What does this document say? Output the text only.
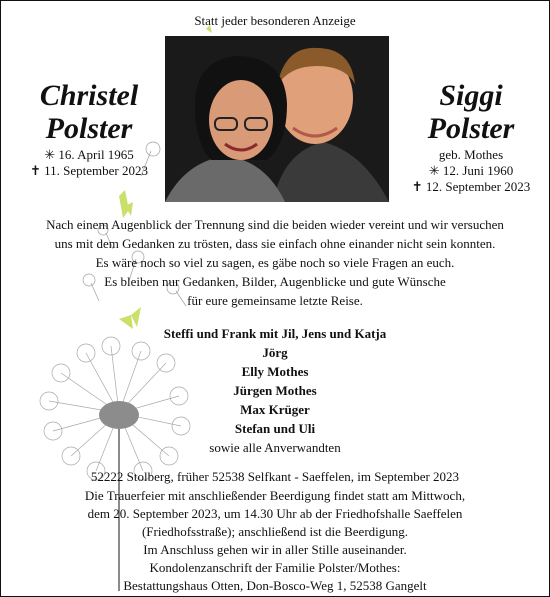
Statt jeder besonderen Anzeige
Christel
Polster
✳ 16. April 1965
✝ 11. September 2023
Siggi
Polster
geb. Mothes
✳ 12. Juni 1960
✝ 12. September 2023
Nach einem Augenblick der Trennung sind die beiden wieder vereint und wir versuchen
uns mit dem Gedanken zu trösten, dass sie einfach ohne einander nicht sein konnten.
Es wäre noch so viel zu sagen, es gäbe noch so viele Fragen an euch.
Es bleiben nur Gedanken, Bilder, Augenblicke und gute Wünsche
für eure gemeinsame letzte Reise.
Steffi und Frank mit Jil, Jens und Katja
Jörg
Elly Mothes
Jürgen Mothes
Max Krüger
Stefan und Uli
sowie alle Anverwandten
52222 Stolberg, früher 52538 Selfkant - Saeffelen, im September 2023
Die Trauerfeier mit anschließender Beerdigung findet statt am Mittwoch,
dem 20. September 2023, um 14.30 Uhr ab der Friedhofshalle Saeffelen
(Friedhofsstraße); anschließend ist die Beerdigung.
Im Anschluss gehen wir in aller Stille auseinander.
Kondolenzanschrift der Familie Polster/Mothes:
Bestattungshaus Otten, Don-Bosco-Weg 1, 52538 Gangelt
